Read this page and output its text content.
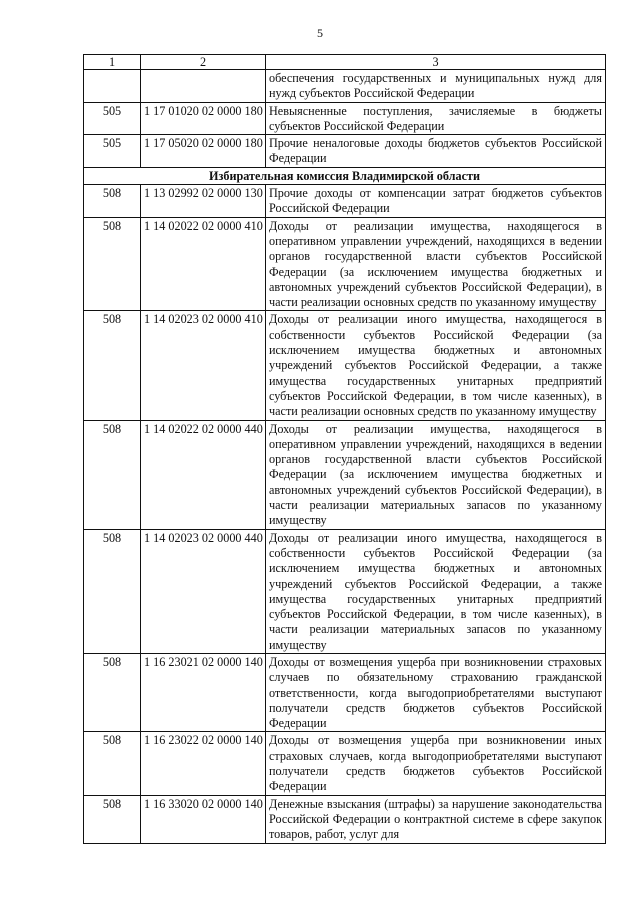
5
1	2	3
		обеспечения государственных и муниципальных нужд для нужд субъектов Российской Федерации
505	1 17 01020 02 0000 180	Невыясненные поступления, зачисляемые в бюджеты субъектов Российской Федерации
505	1 17 05020 02 0000 180	Прочие неналоговые доходы бюджетов субъектов Российской Федерации
Избирательная комиссия Владимирской области		
508	1 13 02992 02 0000 130	Прочие доходы от компенсации затрат бюджетов субъектов Российской Федерации
508	1 14 02022 02 0000 410	Доходы от реализации имущества, находящегося в оперативном управлении учреждений, находящихся в ведении органов государственной власти субъектов Российской Федерации (за исключением имущества бюджетных и автономных учреждений субъектов Российской Федерации), в части реализации основных средств по указанному имуществу
508	1 14 02023 02 0000 410	Доходы от реализации иного имущества, находящегося в собственности субъектов Российской Федерации (за исключением имущества бюджетных и автономных учреждений субъектов Российской Федерации, а также имущества государственных унитарных предприятий субъектов Российской Федерации, в том числе казенных), в части реализации основных средств по указанному имуществу
508	1 14 02022 02 0000 440	Доходы от реализации имущества, находящегося в оперативном управлении учреждений, находящихся в ведении органов государственной власти субъектов Российской Федерации (за исключением имущества бюджетных и автономных учреждений субъектов Российской Федерации), в части реализации материальных запасов по указанному имуществу
508	1 14 02023 02 0000 440	Доходы от реализации иного имущества, находящегося в собственности субъектов Российской Федерации (за исключением имущества бюджетных и автономных учреждений субъектов Российской Федерации, а также имущества государственных унитарных предприятий субъектов Российской Федерации, в том числе казенных), в части реализации материальных запасов по указанному имуществу
508	1 16 23021 02 0000 140	Доходы от возмещения ущерба при возникновении страховых случаев по обязательному страхованию гражданской ответственности, когда выгодоприобретателями выступают получатели средств бюджетов субъектов Российской Федерации
508	1 16 23022 02 0000 140	Доходы от возмещения ущерба при возникновении иных страховых случаев, когда выгодоприобретателями выступают получатели средств бюджетов субъектов Российской Федерации
508	1 16 33020 02 0000 140	Денежные взыскания (штрафы) за нарушение законодательства Российской Федерации о контрактной системе в сфере закупок товаров, работ, услуг для
